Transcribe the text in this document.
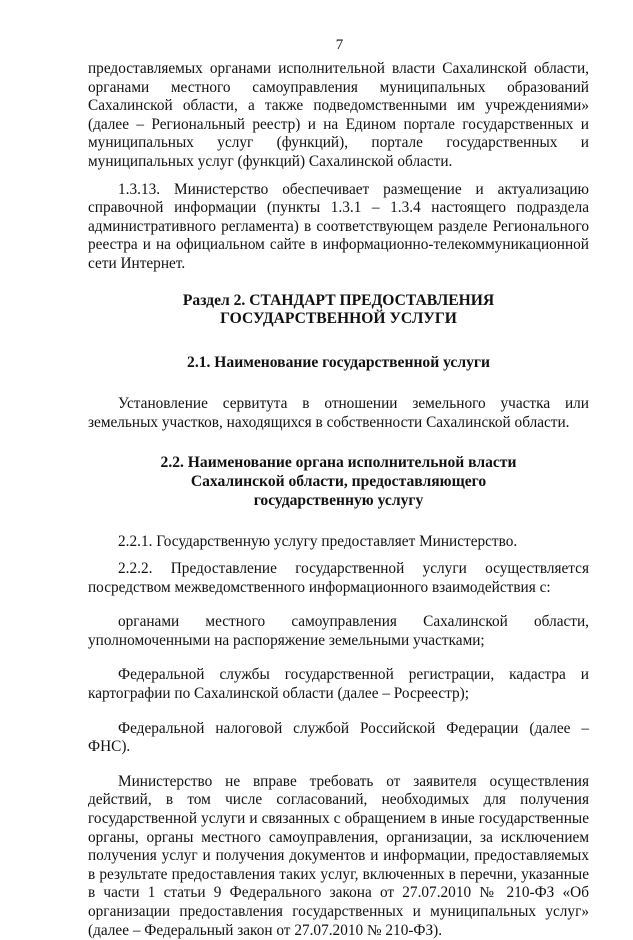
7

предоставляемых органами исполнительной власти Сахалинской области, органами местного самоуправления муниципальных образований Сахалинской области, а также подведомственными им учреждениями» (далее – Региональный реестр) и на Едином портале государственных и муниципальных услуг (функций), портале государственных и муниципальных услуг (функций) Сахалинской области.

1.3.13. Министерство обеспечивает размещение и актуализацию справочной информации (пункты 1.3.1 – 1.3.4 настоящего подраздела административного регламента) в соответствующем разделе Регионального реестра и на официальном сайте в информационно-телекоммуникационной сети Интернет.

Раздел 2. СТАНДАРТ ПРЕДОСТАВЛЕНИЯ
ГОСУДАРСТВЕННОЙ УСЛУГИ
2.1. Наименование государственной услуги

Установление сервитута в отношении земельного участка или земельных участков, находящихся в собственности Сахалинской области.

2.2. Наименование органа исполнительной власти
Сахалинской области, предоставляющего
государственную услугу

2.2.1. Государственную услугу предоставляет Министерство.

2.2.2. Предоставление государственной услуги осуществляется посредством межведомственного информационного взаимодействия с:

органами местного самоуправления Сахалинской области, уполномоченными на распоряжение земельными участками;

Федеральной службы государственной регистрации, кадастра и картографии по Сахалинской области (далее – Росреестр);

Федеральной налоговой службой Российской Федерации (далее – ФНС).

Министерство не вправе требовать от заявителя осуществления действий, в том числе согласований, необходимых для получения государственной услуги и связанных с обращением в иные государственные органы, органы местного самоуправления, организации, за исключением получения услуг и получения документов и информации, предоставляемых в результате предоставления таких услуг, включенных в перечни, указанные в части 1 статьи 9 Федерального закона от 27.07.2010 № 210-ФЗ «Об организации предоставления государственных и муниципальных услуг» (далее – Федеральный закон от 27.07.2010 № 210-ФЗ).
